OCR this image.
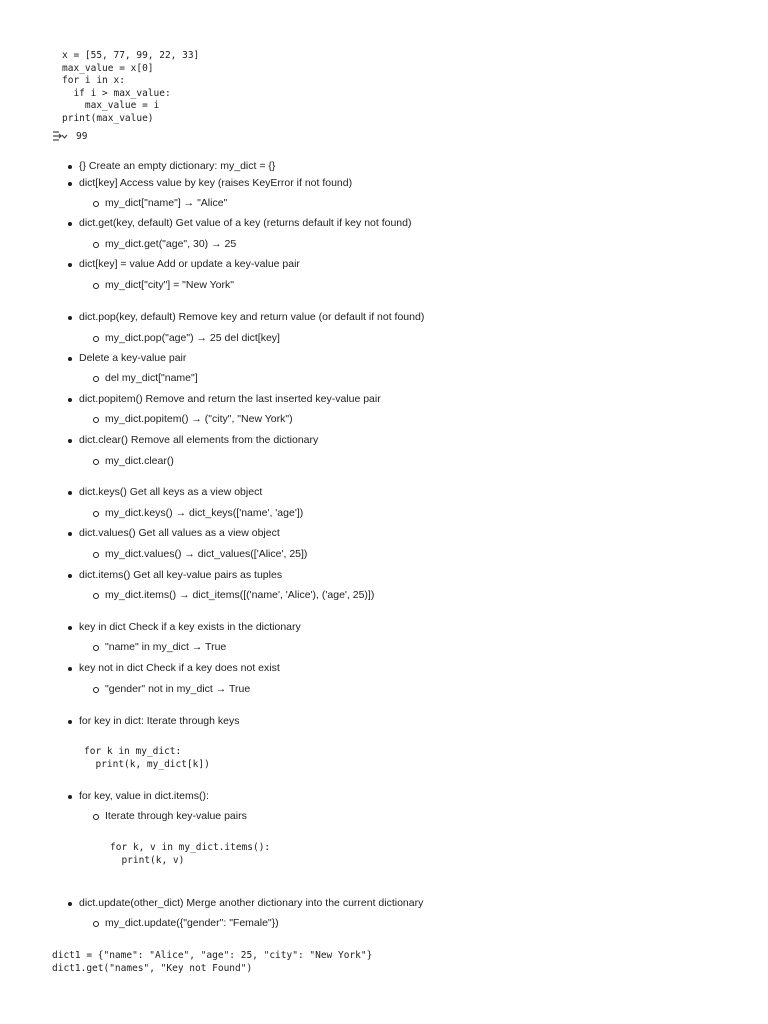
x = [55, 77, 99, 22, 33]
max_value = x[0]
for i in x:
if i > max_value:
max_value = i
print(max_value)
99
{} Create an empty dictionary: my_dict = {}
dict[key] Access value by key (raises KeyError if not found)
my_dict["name"] → "Alice"
dict.get(key, default) Get value of a key (returns default if key not found)
my_dict.get("age", 30) → 25
dict[key] = value Add or update a key-value pair
my_dict["city"] = "New York"
dict.pop(key, default) Remove key and return value (or default if not found)
my_dict.pop("age") → 25 del dict[key]
Delete a key-value pair
del my_dict["name"]
dict.popitem() Remove and return the last inserted key-value pair
my_dict.popitem() → ("city", "New York")
dict.clear() Remove all elements from the dictionary
my_dict.clear()
dict.keys() Get all keys as a view object
my_dict.keys() → dict_keys(['name', 'age'])
dict.values() Get all values as a view object
my_dict.values() → dict_values(['Alice', 25])
dict.items() Get all key-value pairs as tuples
my_dict.items() → dict_items([('name', 'Alice'), ('age', 25)])
key in dict Check if a key exists in the dictionary
"name" in my_dict → True
key not in dict Check if a key does not exist
"gender" not in my_dict → True
for key in dict: Iterate through keys
for k in my_dict:
print(k, my_dict[k])
for key, value in dict.items():
Iterate through key-value pairs
for k, v in my_dict.items():
print(k, v)
dict.update(other_dict) Merge another dictionary into the current dictionary
my_dict.update({"gender": "Female"})
dict1 = {"name": "Alice", "age": 25, "city": "New York"}
dict1.get("names", "Key not Found")
